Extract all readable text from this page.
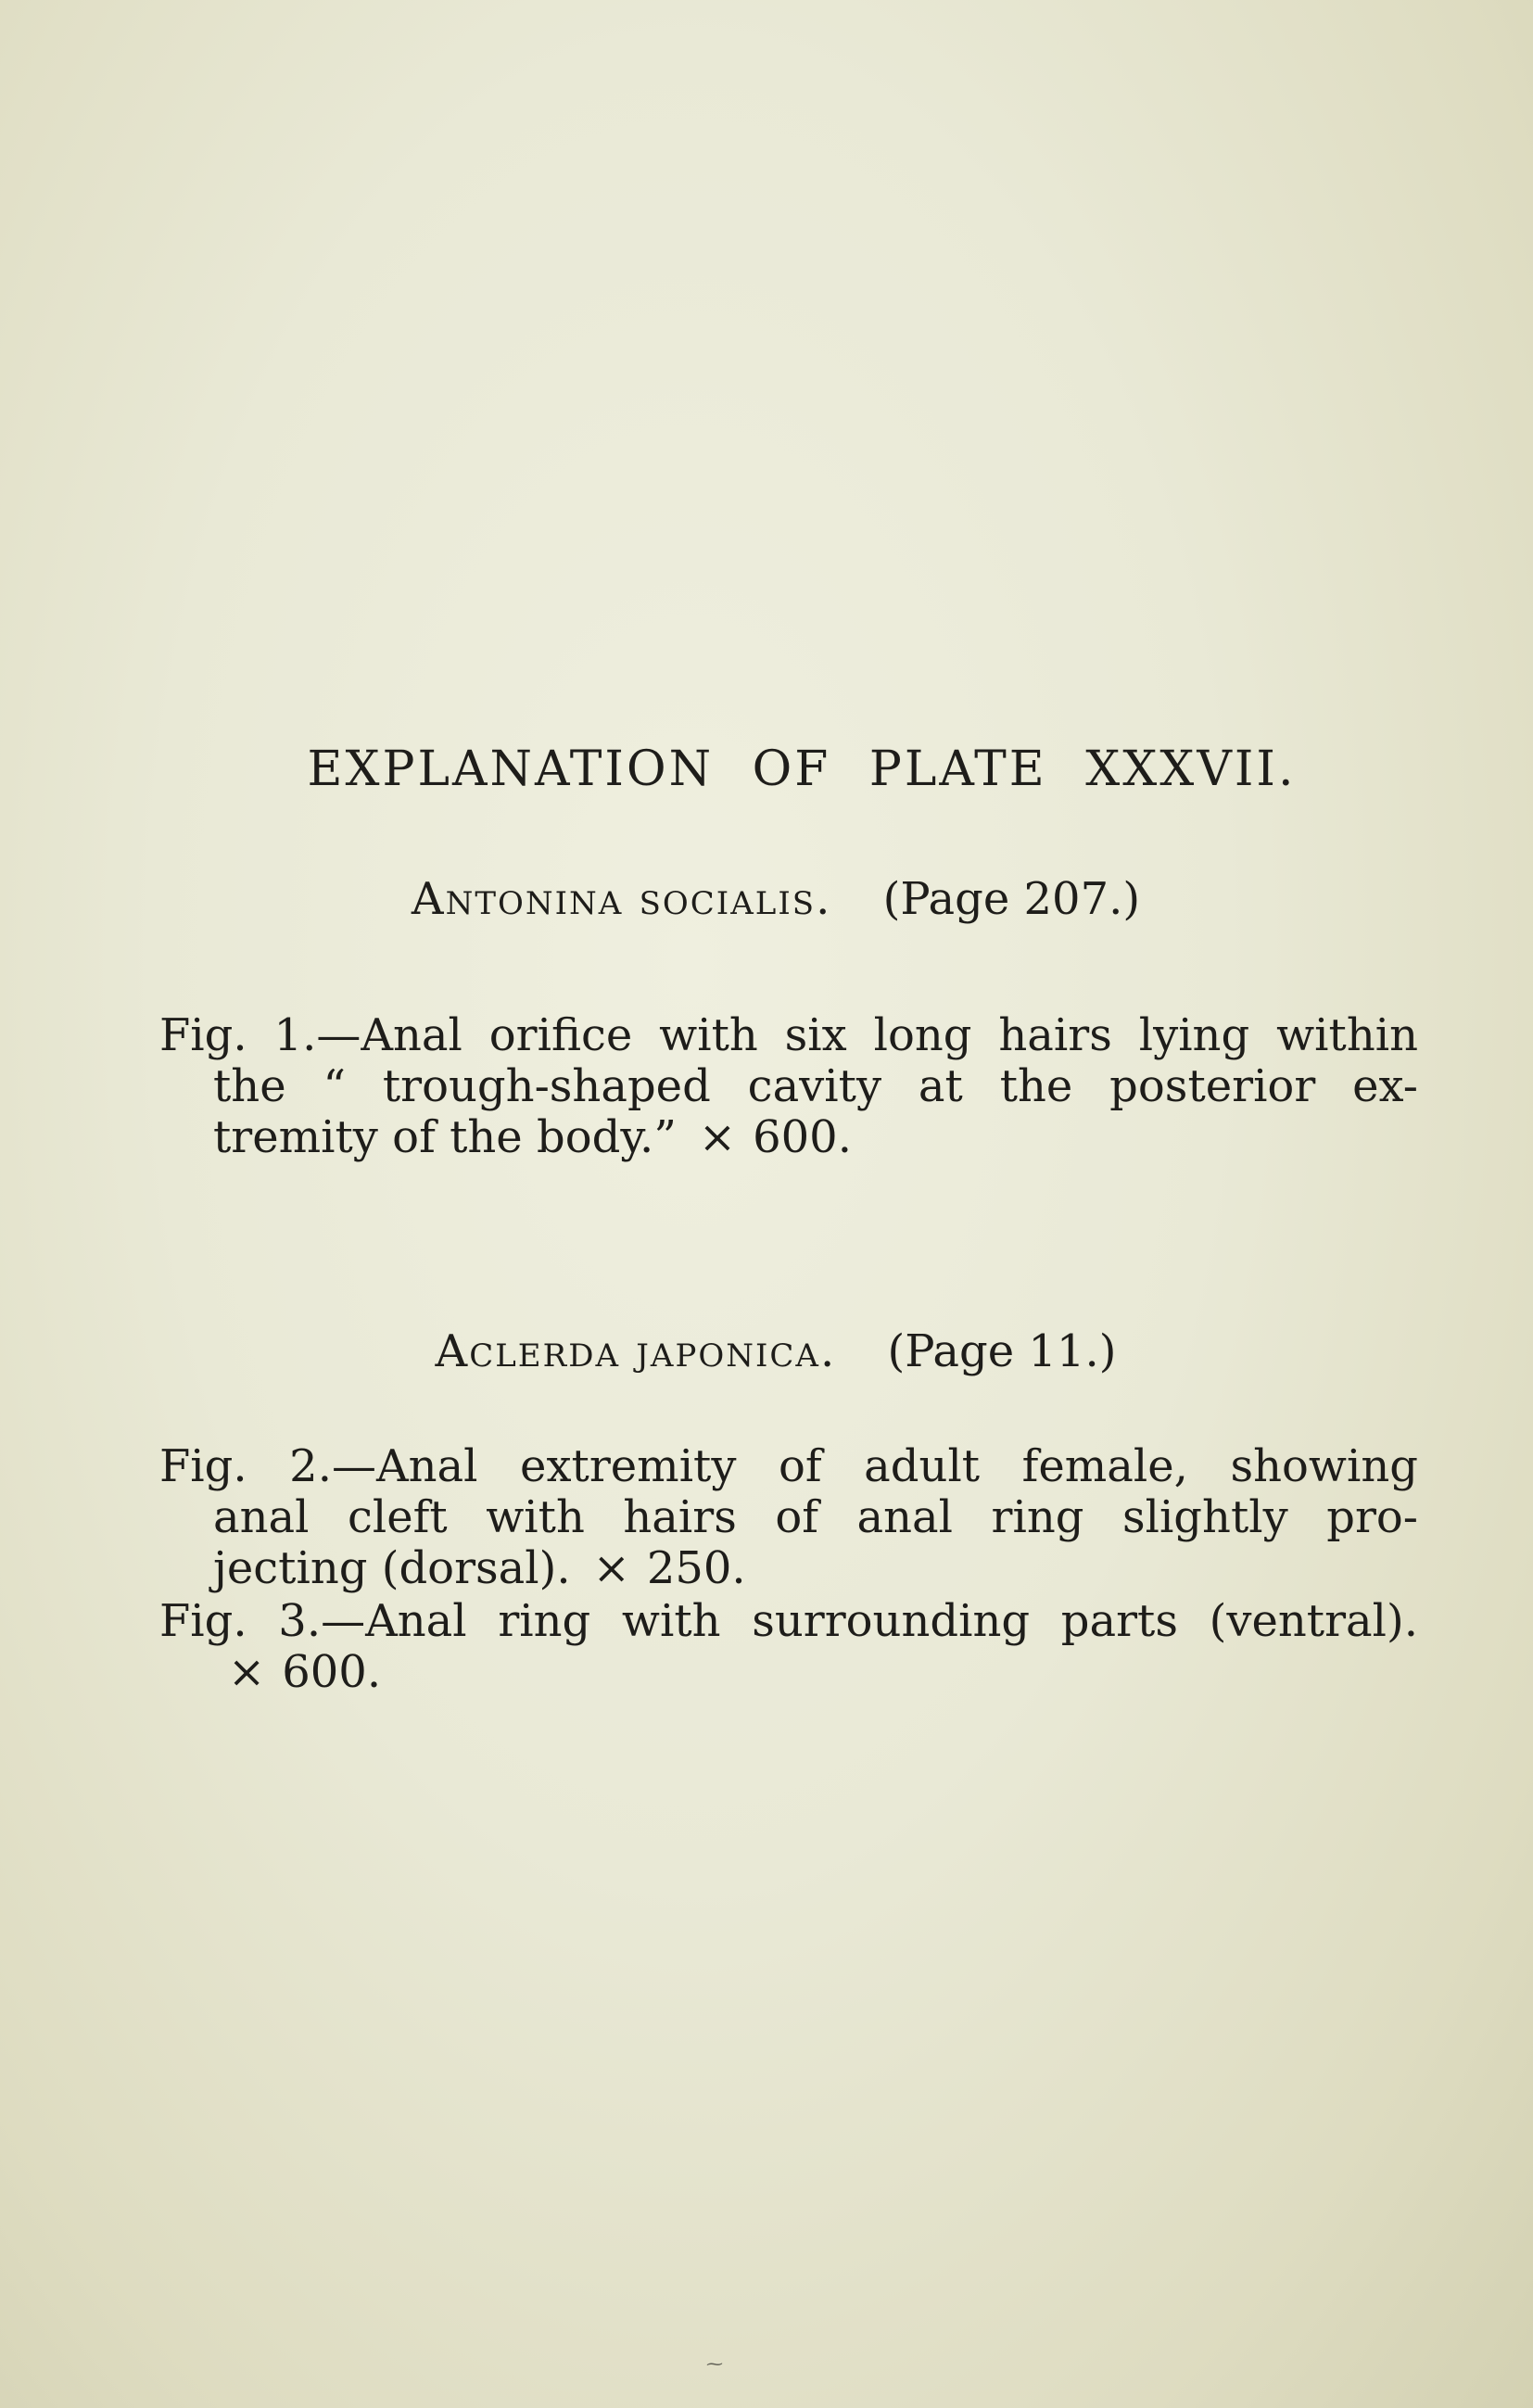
EXPLANATION OF PLATE XXXVII.
Antonina socialis. (Page 207.)
Fig. 1.—Anal orifice with six long hairs lying within
the “ trough-shaped cavity at the posterior ex-
tremity of the body.” × 600.
Aclerda japonica. (Page 11.)
Fig. 2.—Anal extremity of adult female, showing
anal cleft with hairs of anal ring slightly pro-
jecting (dorsal). × 250.
Fig. 3.—Anal ring with surrounding parts (ventral).
× 600.
⁓
